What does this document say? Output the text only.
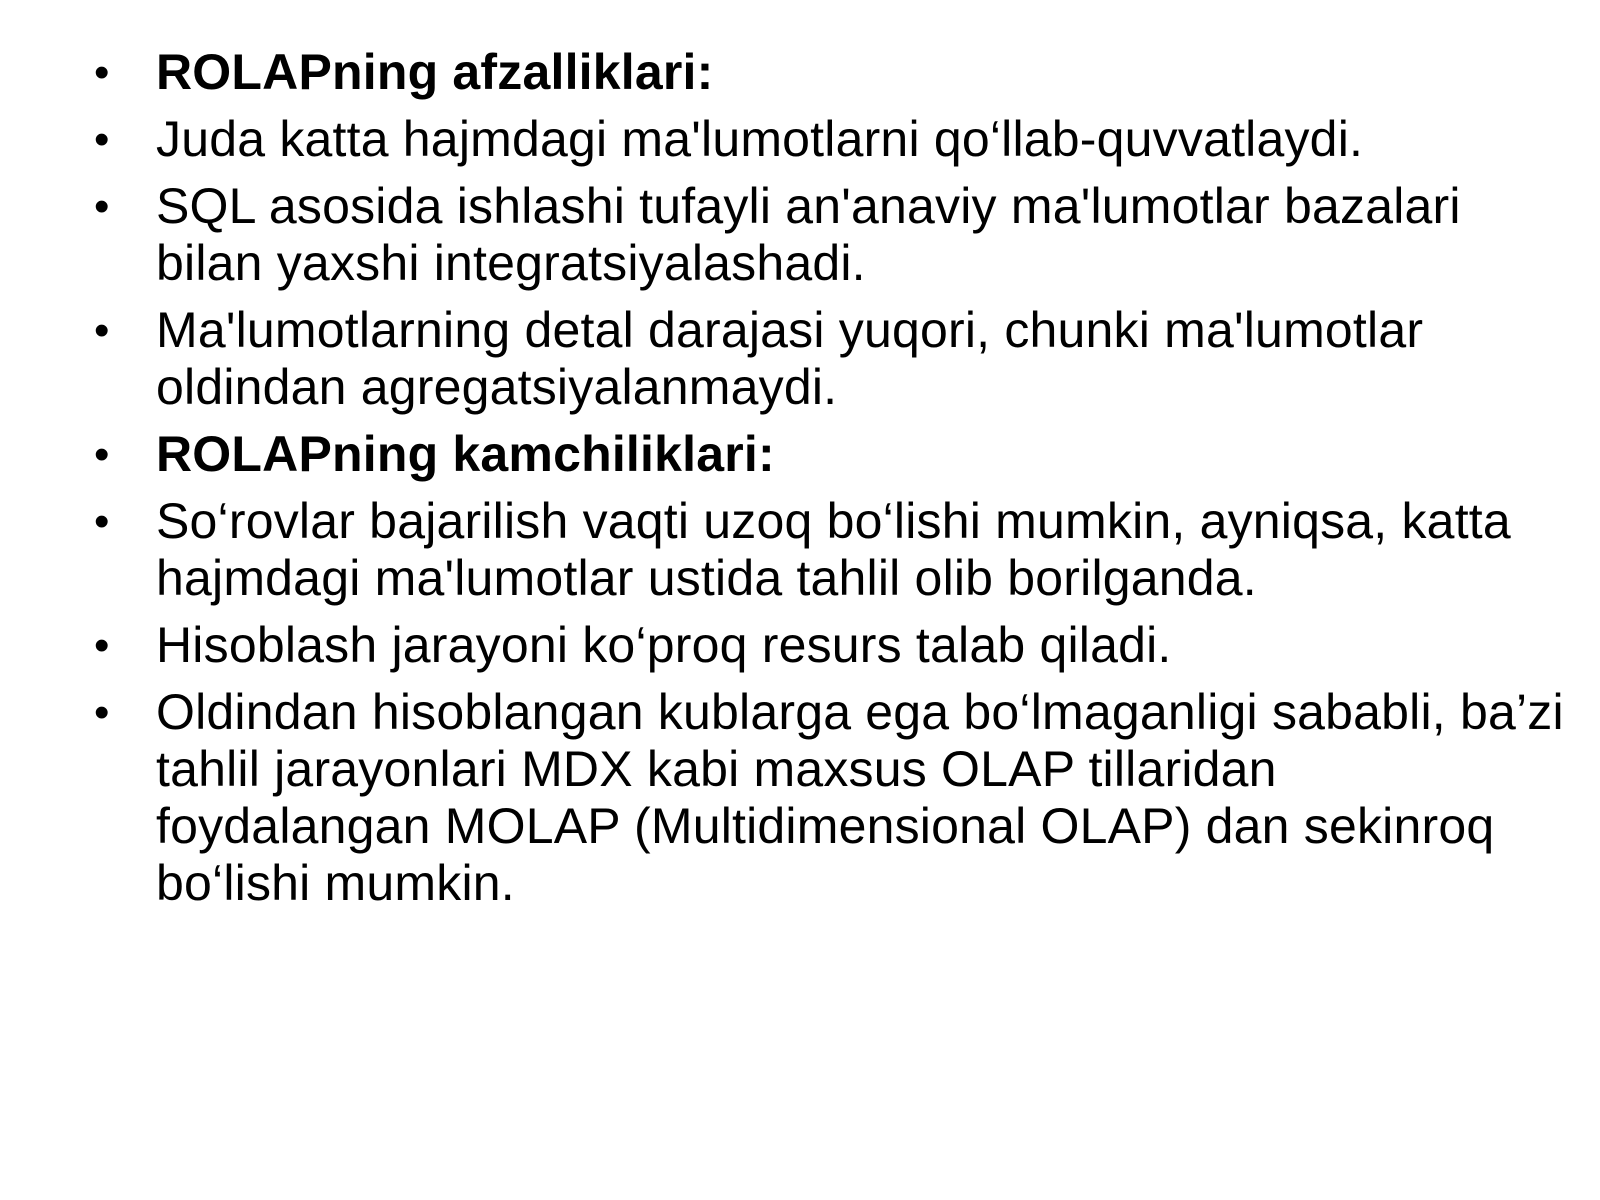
• ROLAPning afzalliklari:
• Juda katta hajmdagi ma'lumotlarni qo‘llab-quvvatlaydi.
• SQL asosida ishlashi tufayli an'anaviy ma'lumotlar bazalari bilan yaxshi integratsiyalashadi.
• Ma'lumotlarning detal darajasi yuqori, chunki ma'lumotlar oldindan agregatsiyalanmaydi.
• ROLAPning kamchiliklari:
• So‘rovlar bajarilish vaqti uzoq bo‘lishi mumkin, ayniqsa, katta hajmdagi ma'lumotlar ustida tahlil olib borilganda.
• Hisoblash jarayoni ko‘proq resurs talab qiladi.
• Oldindan hisoblangan kublarga ega bo‘lmaganligi sababli, ba’zi tahlil jarayonlari MDX kabi maxsus OLAP tillaridan foydalangan MOLAP (Multidimensional OLAP) dan sekinroq bo‘lishi mumkin.
